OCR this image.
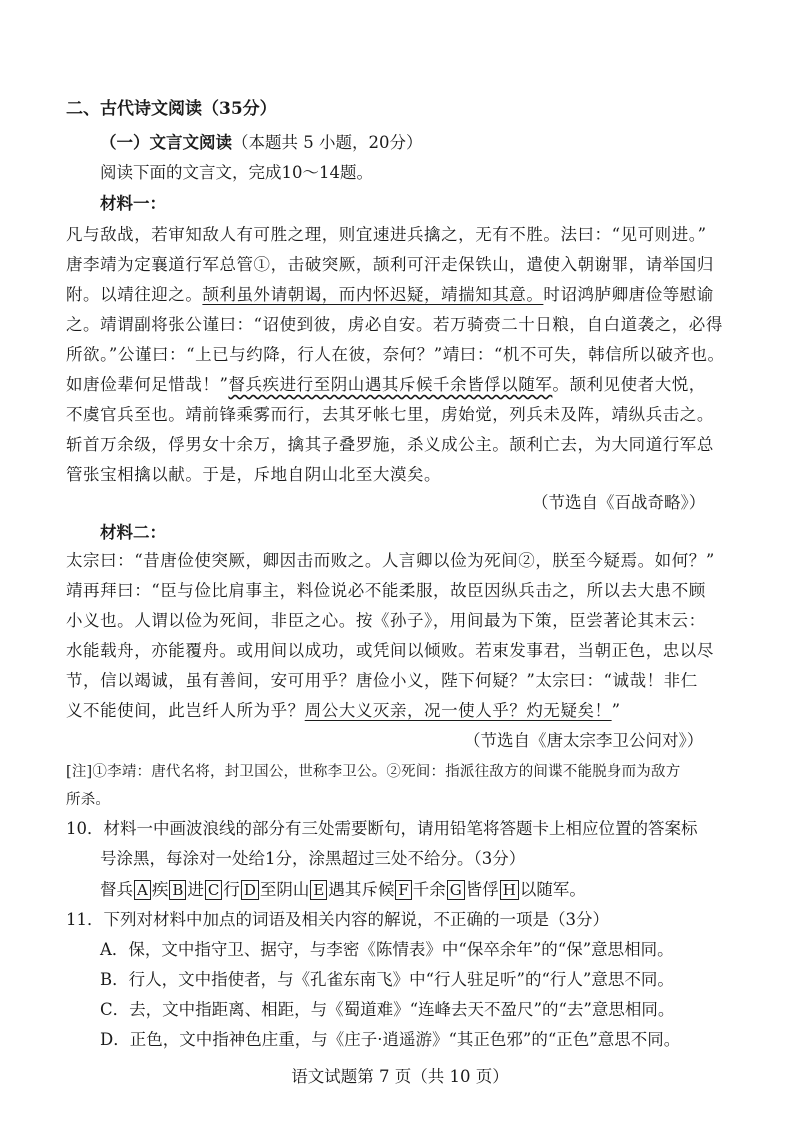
二、古代诗文阅读（35分）
（一）文言文阅读（本题共 5 小题，20分）
阅读下面的文言文，完成10～14题。
材料一：
凡与敌战，若审知敌人有可胜之理，则宜速进兵擒之，无有不胜。法曰：“见可则进。”
唐李靖为定襄道行军总管①，击破突厥，颉利可汗走保铁山，遣使入朝谢罪，请举国归
附。以靖往迎之。颉利虽外请朝谒，而内怀迟疑，靖揣知其意。时诏鸿胪卿唐俭等慰谕
之。靖谓副将张公谨曰：“诏使到彼，虏必自安。若万骑赍二十日粮，自白道袭之，必得
所欲。”公谨曰：“上已与约降，行人在彼，奈何？”靖曰：“机不可失，韩信所以破齐也。
如唐俭辈何足惜哉！”督兵疾进行至阴山遇其斥候千余皆俘以随军。颉利见使者大悦，
不虞官兵至也。靖前锋乘雾而行，去其牙帐七里，虏始觉，列兵未及阵，靖纵兵击之。
斩首万余级，俘男女十余万，擒其子叠罗施，杀义成公主。颉利亡去，为大同道行军总
管张宝相擒以献。于是，斥地自阴山北至大漠矣。
（节选自《百战奇略》）
材料二：
太宗曰：“昔唐俭使突厥，卿因击而败之。人言卿以俭为死间②，朕至今疑焉。如何？”
靖再拜曰：“臣与俭比肩事主，料俭说必不能柔服，故臣因纵兵击之，所以去大患不顾
小义也。人谓以俭为死间，非臣之心。按《孙子》，用间最为下策，臣尝著论其末云：
水能载舟，亦能覆舟。或用间以成功，或凭间以倾败。若束发事君，当朝正色，忠以尽
节，信以竭诚，虽有善间，安可用乎？唐俭小义，陛下何疑？”太宗曰：“诚哉！非仁
义不能使间，此岂纤人所为乎？周公大义灭亲，况一使人乎？灼无疑矣！”
（节选自《唐太宗李卫公问对》）
[注]①李靖：唐代名将，封卫国公，世称李卫公。②死间：指派往敌方的间谍不能脱身而为敌方
所杀。
10．材料一中画波浪线的部分有三处需要断句，请用铅笔将答题卡上相应位置的答案标
号涂黑，每涂对一处给1分，涂黑超过三处不给分。（3分）
督兵 A 疾 B 进 C 行 D 至阴山 E 遇其斥候 F 千余 G 皆俘 H 以随军。
11．下列对材料中加点的词语及相关内容的解说，不正确的一项是（3分）
A．保，文中指守卫、据守，与李密《陈情表》中“保卒余年”的“保”意思相同。
B．行人，文中指使者，与《孔雀东南飞》中“行人驻足听”的“行人”意思不同。
C．去，文中指距离、相距，与《蜀道难》“连峰去天不盈尺”的“去”意思相同。
D．正色，文中指神色庄重，与《庄子·逍遥游》“其正色邪”的“正色”意思不同。
语文试题第 7 页（共 10 页）
